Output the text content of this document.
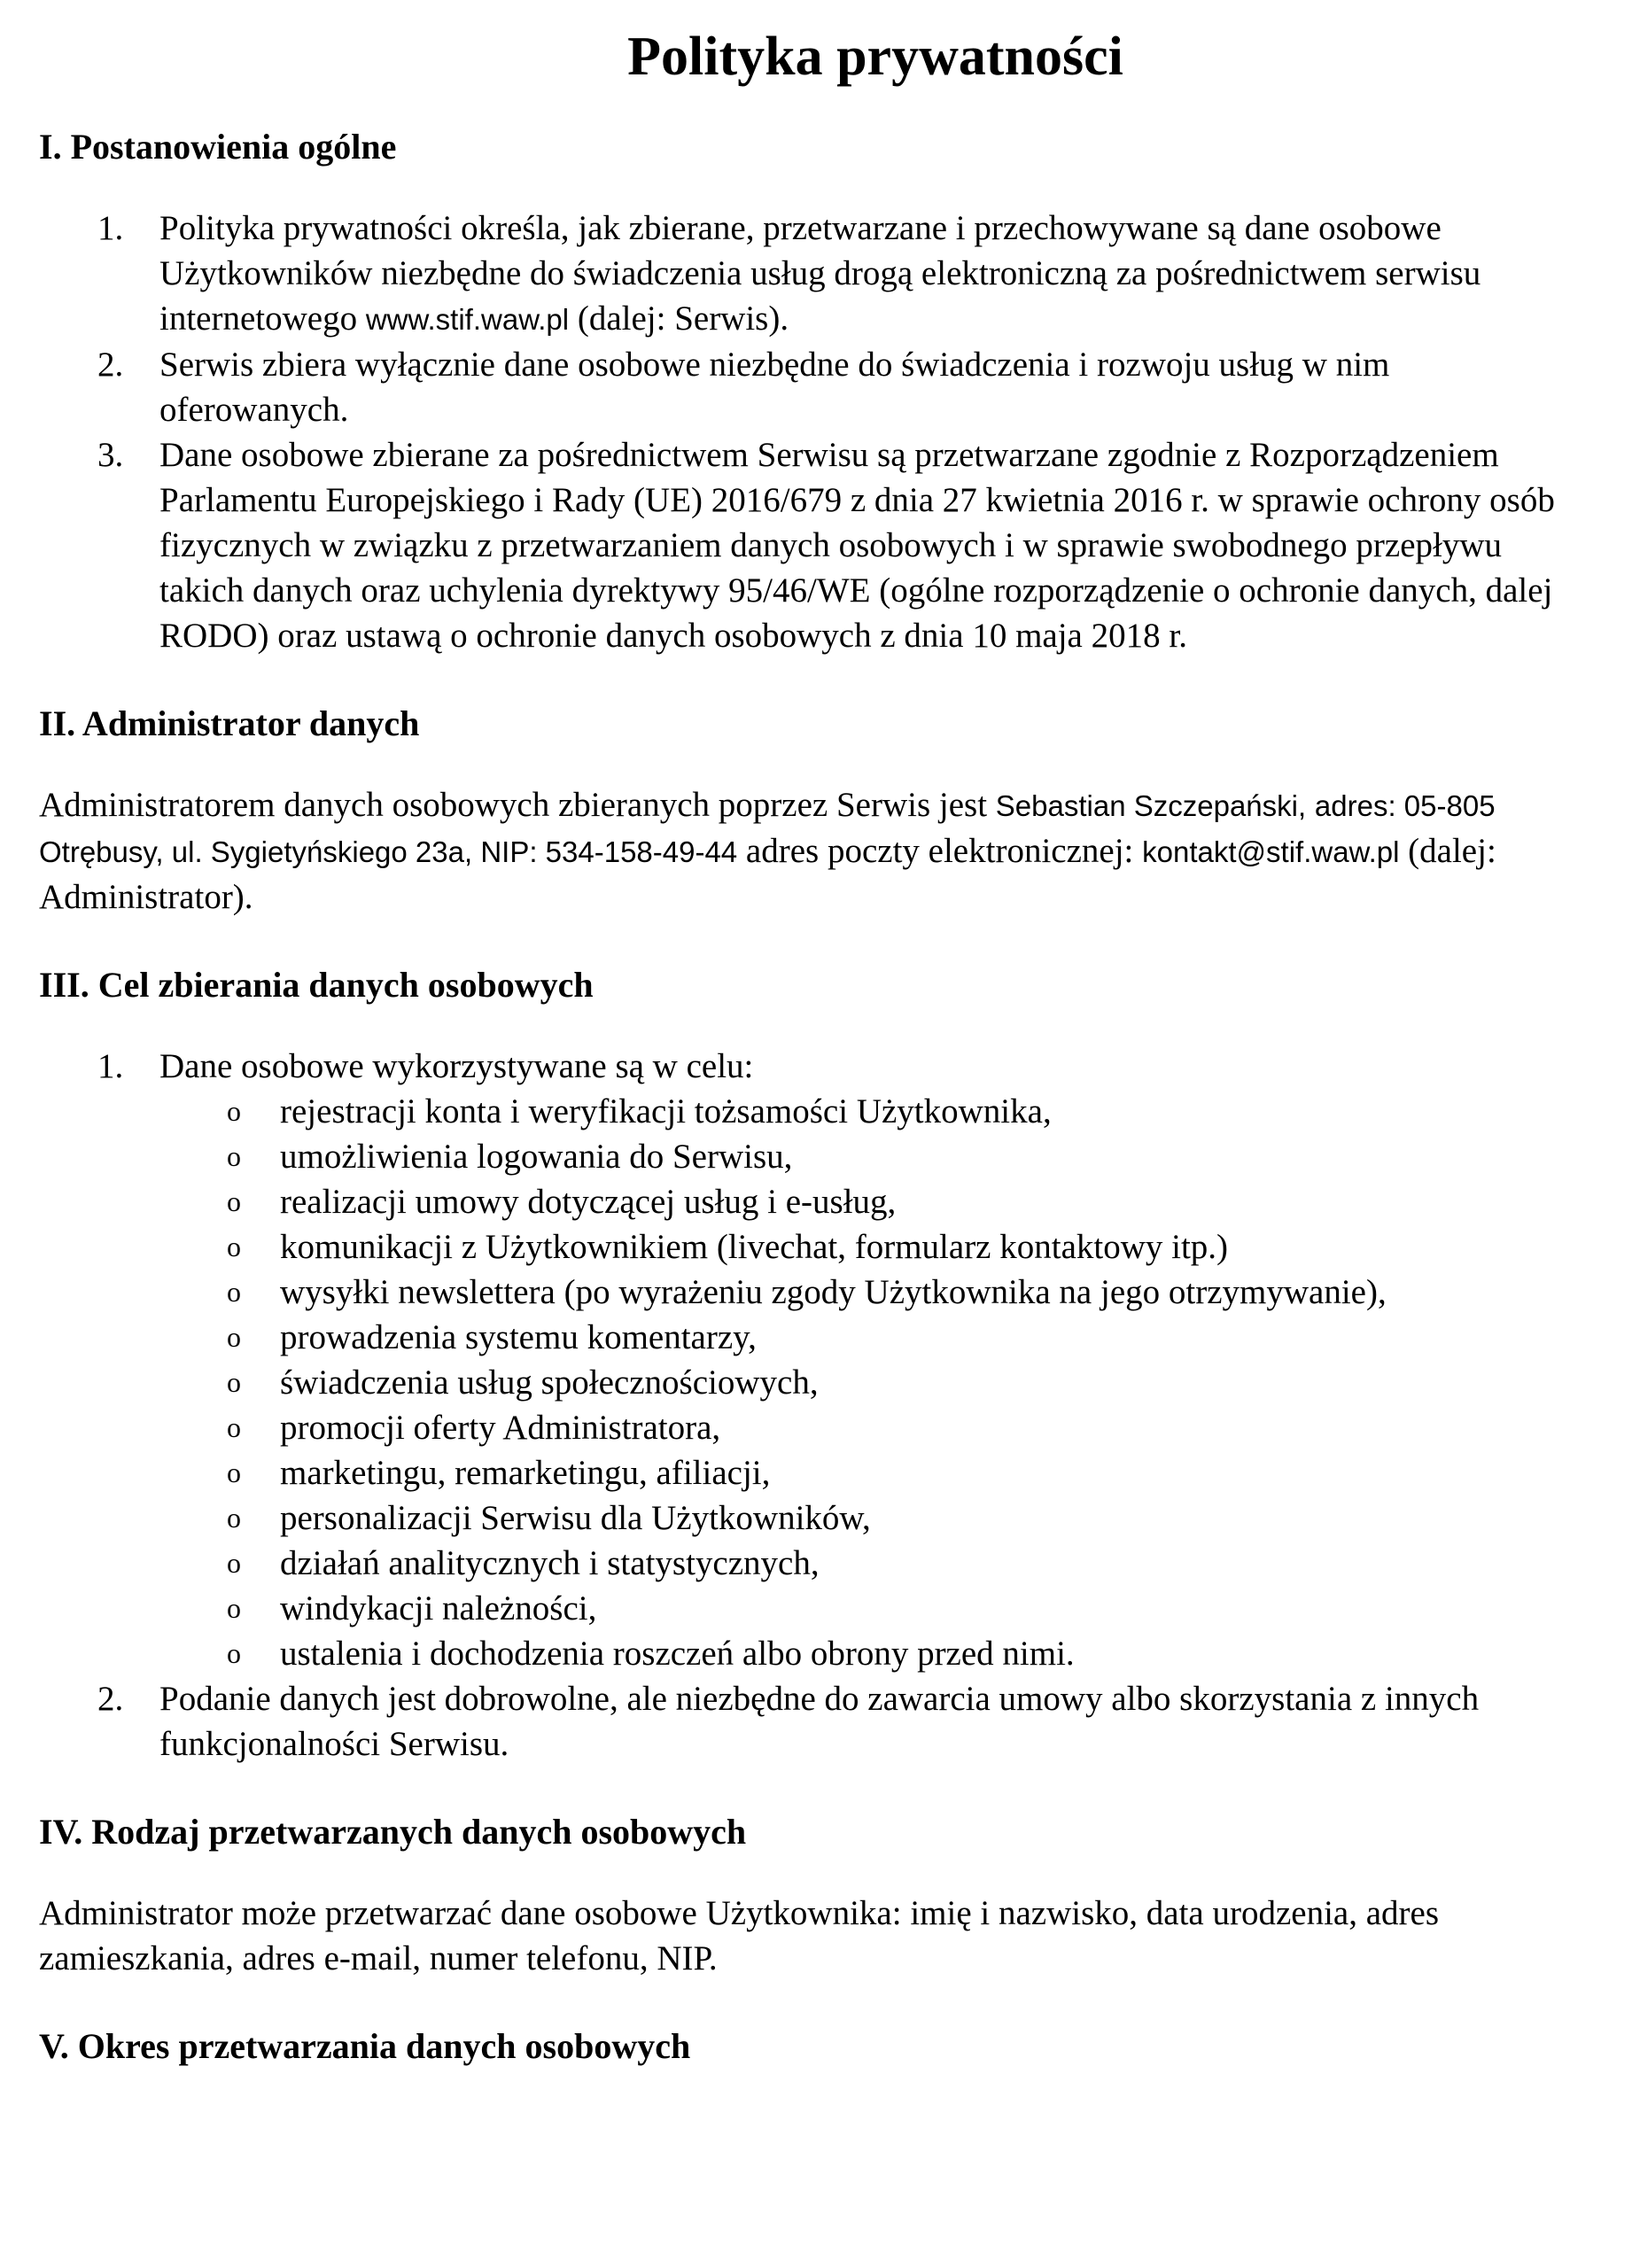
Polityka prywatności
I. Postanowienia ogólne
1.	Polityka prywatności określa, jak zbierane, przetwarzane i przechowywane są dane osobowe Użytkowników niezbędne do świadczenia usług drogą elektroniczną za pośrednictwem serwisu internetowego www.stif.waw.pl (dalej: Serwis).
2.	Serwis zbiera wyłącznie dane osobowe niezbędne do świadczenia i rozwoju usług w nim oferowanych.
3.	Dane osobowe zbierane za pośrednictwem Serwisu są przetwarzane zgodnie z Rozporządzeniem Parlamentu Europejskiego i Rady (UE) 2016/679 z dnia 27 kwietnia 2016 r. w sprawie ochrony osób fizycznych w związku z przetwarzaniem danych osobowych i w sprawie swobodnego przepływu takich danych oraz uchylenia dyrektywy 95/46/WE (ogólne rozporządzenie o ochronie danych, dalej RODO) oraz ustawą o ochronie danych osobowych z dnia 10 maja 2018 r.
II. Administrator danych

Administratorem danych osobowych zbieranych poprzez Serwis jest Sebastian Szczepański, adres: 05-805 Otrębusy, ul. Sygietyńskiego 23a, NIP: 534-158-49-44 adres poczty elektronicznej: kontakt@stif.waw.pl (dalej: Administrator).

III. Cel zbierania danych osobowych
1.	Dane osobowe wykorzystywane są w celu:
o rejestracji konta i weryfikacji tożsamości Użytkownika,
o umożliwienia logowania do Serwisu,
o realizacji umowy dotyczącej usług i e-usług,
o komunikacji z Użytkownikiem (livechat, formularz kontaktowy itp.)
o wysyłki newslettera (po wyrażeniu zgody Użytkownika na jego otrzymywanie),
o prowadzenia systemu komentarzy,
o świadczenia usług społecznościowych,
o promocji oferty Administratora,
o marketingu, remarketingu, afiliacji,
o personalizacji Serwisu dla Użytkowników,
o działań analitycznych i statystycznych,
o windykacji należności,
o ustalenia i dochodzenia roszczeń albo obrony przed nimi.
2.	Podanie danych jest dobrowolne, ale niezbędne do zawarcia umowy albo skorzystania z innych funkcjonalności Serwisu.
IV. Rodzaj przetwarzanych danych osobowych

Administrator może przetwarzać dane osobowe Użytkownika: imię i nazwisko, data urodzenia, adres zamieszkania, adres e-mail, numer telefonu, NIP.

V. Okres przetwarzania danych osobowych
